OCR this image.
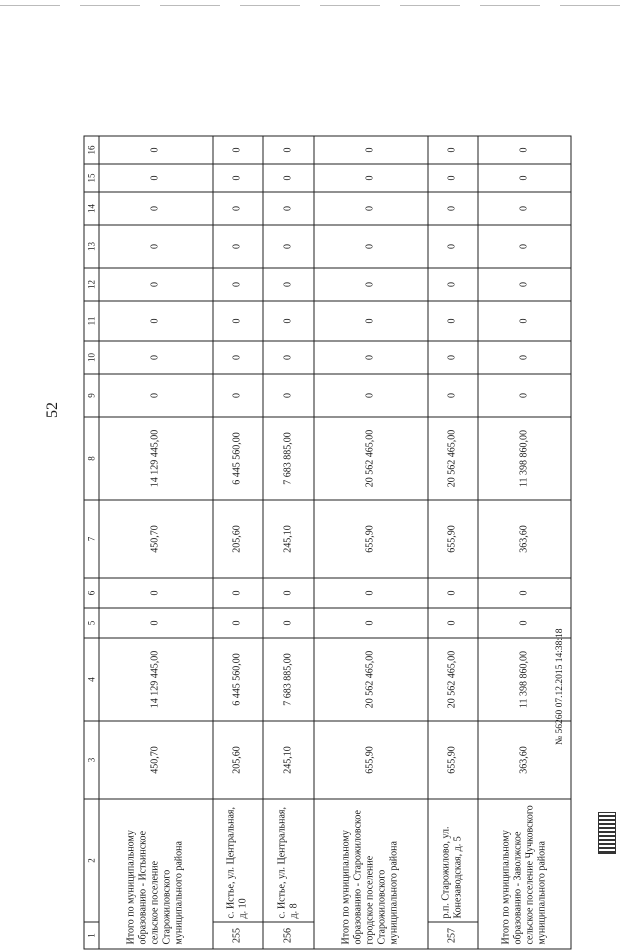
52
1	2	3	4	5	6	7	8	9	10	11	12	13	14	15	16
Итого по муниципальному образованию - Истьинское сельское поселение Старожиловского муниципального района		450,70	14 129 445,00	0	0	450,70	14 129 445,00	0	0	0	0	0	0	0	0
255	с. Истье, ул. Центральная, д. 10	205,60	6 445 560,00	0	0	205,60	6 445 560,00	0	0	0	0	0	0	0	0
256	с. Истье, ул. Центральная, д. 8	245,10	7 683 885,00	0	0	245,10	7 683 885,00	0	0	0	0	0	0	0	0
Итого по муниципальному образованию - Старожиловское городское поселение Старожиловского муниципального района		655,90	20 562 465,00	0	0	655,90	20 562 465,00	0	0	0	0	0	0	0	0
257	р.п. Старожилово, ул. Конезаводская, д. 5	655,90	20 562 465,00	0	0	655,90	20 562 465,00	0	0	0	0	0	0	0	0
Итого по муниципальному образованию - Заволжское сельское поселение Чучковского муниципального района		363,60	11 398 860,00	0	0	363,60	11 398 860,00	0	0	0	0	0	0	0	0
№ 56260 07.12.2015 14:38:18
